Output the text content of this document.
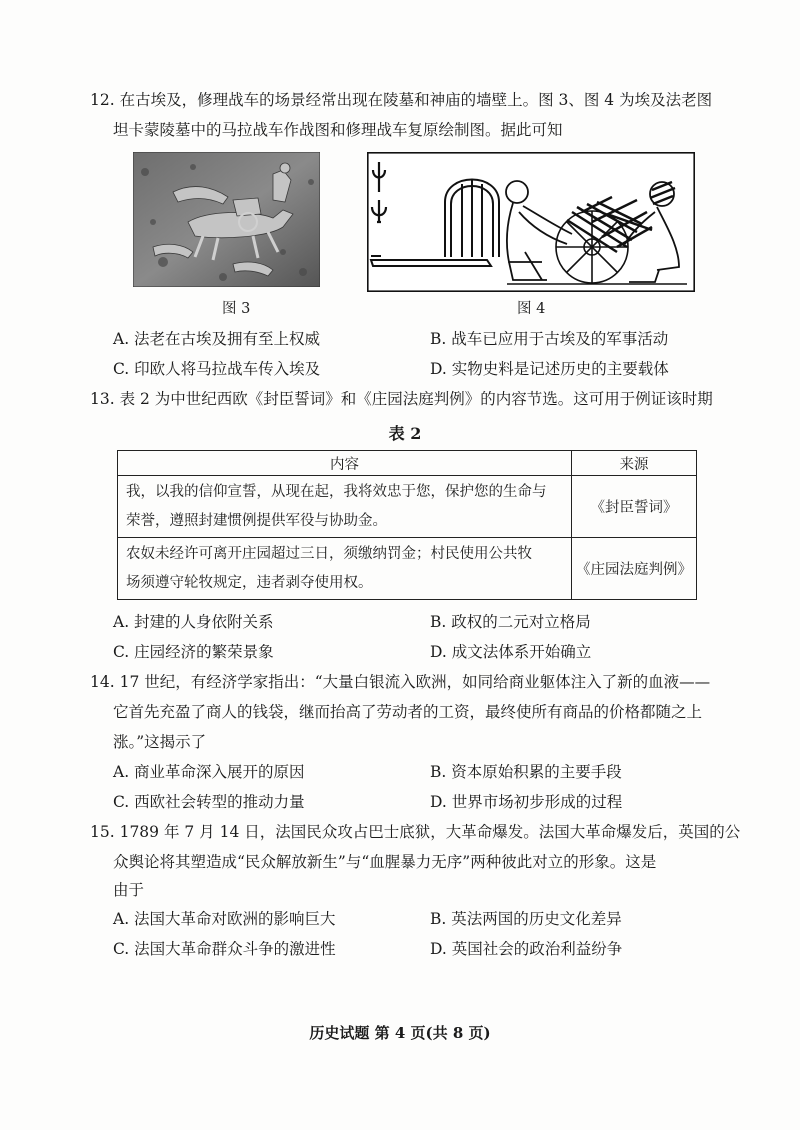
12. 在古埃及，修理战车的场景经常出现在陵墓和神庙的墙壁上。图 3、图 4 为埃及法老图
坦卡蒙陵墓中的马拉战车作战图和修理战车复原绘制图。据此可知
图 3	图 4
A. 法老在古埃及拥有至上权威	B. 战车已应用于古埃及的军事活动
C. 印欧人将马拉战车传入埃及	D. 实物史料是记述历史的主要载体
13. 表 2 为中世纪西欧《封臣誓词》和《庄园法庭判例》的内容节选。这可用于例证该时期
表 2
内容	来源

我，以我的信仰宣誓，从现在起，我将效忠于您，保护您的生命与
荣誉，遵照封建惯例提供军役与协助金。	《封臣誓词》

农奴未经许可离开庄园超过三日，须缴纳罚金；村民使用公共牧
场须遵守轮牧规定，违者剥夺使用权。	《庄园法庭判例》
A. 封建的人身依附关系	B. 政权的二元对立格局
C. 庄园经济的繁荣景象	D. 成文法体系开始确立
14. 17 世纪，有经济学家指出：“大量白银流入欧洲，如同给商业躯体注入了新的血液——
它首先充盈了商人的钱袋，继而抬高了劳动者的工资，最终使所有商品的价格都随之上
涨。”这揭示了
A. 商业革命深入展开的原因	B. 资本原始积累的主要手段
C. 西欧社会转型的推动力量	D. 世界市场初步形成的过程
15. 1789 年 7 月 14 日，法国民众攻占巴士底狱，大革命爆发。法国大革命爆发后，英国的公
众舆论将其塑造成“民众解放新生”与“血腥暴力无序”两种彼此对立的形象。这是
由于
A. 法国大革命对欧洲的影响巨大	B. 英法两国的历史文化差异
C. 法国大革命群众斗争的激进性	D. 英国社会的政治利益纷争
历史试题 第 4 页(共 8 页)
